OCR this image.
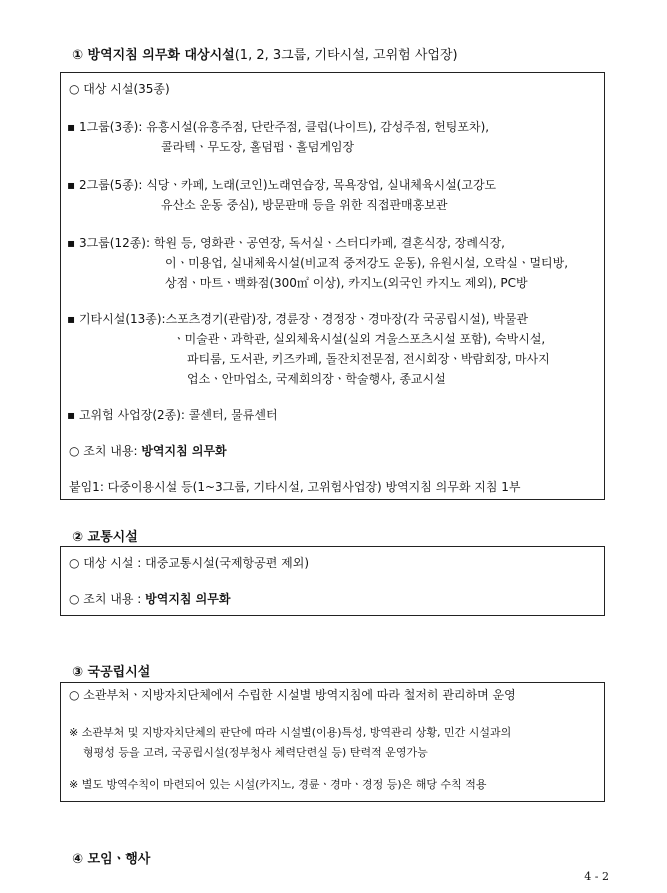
① 방역지침 의무화 대상시설(1, 2, 3그룹, 기타시설, 고위험 사업장)
○ 대상 시설(35종)
▪ 1그룹(3종): 유흥시설(유흥주점, 단란주점, 클럽(나이트), 감성주점, 헌팅포차),
콜라텍ㆍ무도장, 홀덤펍ㆍ홀덤게임장
▪ 2그룹(5종): 식당ㆍ카페, 노래(코인)노래연습장, 목욕장업, 실내체육시설(고강도
유산소 운동 중심), 방문판매 등을 위한 직접판매홍보관
▪ 3그룹(12종): 학원 등, 영화관ㆍ공연장, 독서실ㆍ스터디카페, 결혼식장, 장례식장,
이ㆍ미용업, 실내체육시설(비교적 중저강도 운동), 유원시설, 오락실ㆍ멀티방,
상점ㆍ마트ㆍ백화점(300㎡ 이상), 카지노(외국인 카지노 제외), PC방
▪ 기타시설(13종):스포츠경기(관람)장, 경륜장ㆍ경정장ㆍ경마장(각 국공립시설), 박물관
ㆍ미술관ㆍ과학관, 실외체육시설(실외 겨울스포츠시설 포함), 숙박시설,
파티룸, 도서관, 키즈카페, 돌잔치전문점, 전시회장ㆍ박람회장, 마사지
업소ㆍ안마업소, 국제회의장ㆍ학술행사, 종교시설
▪ 고위험 사업장(2종): 콜센터, 물류센터
○ 조치 내용: 방역지침 의무화
붙임1: 다중이용시설 등(1~3그룹, 기타시설, 고위험사업장) 방역지침 의무화 지침 1부
② 교통시설
○ 대상 시설 : 대중교통시설(국제항공편 제외)
○ 조치 내용 : 방역지침 의무화
③ 국공립시설
○ 소관부처ㆍ지방자치단체에서 수립한 시설별 방역지침에 따라 철저히 관리하며 운영
※ 소관부처 및 지방자치단체의 판단에 따라 시설별(이용)특성, 방역관리 상황, 민간 시설과의
형평성 등을 고려, 국공립시설(정부청사 체력단련실 등) 탄력적 운영가능
※ 별도 방역수칙이 마련되어 있는 시설(카지노, 경륜ㆍ경마ㆍ경정 등)은 해당 수칙 적용
④ 모임ㆍ행사
4 - 2
